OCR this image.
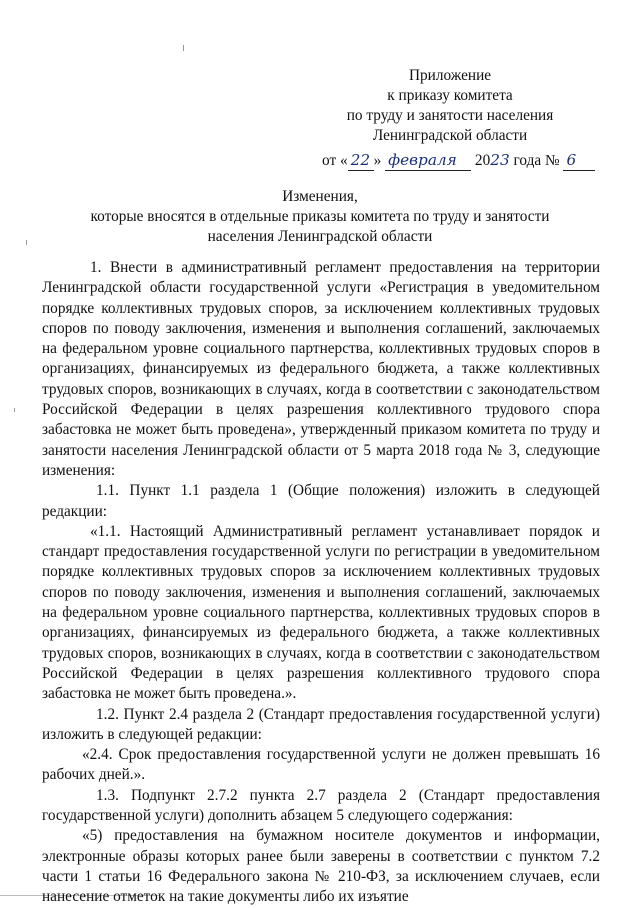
Приложение
к приказу комитета
по труду и занятости населения
Ленинградской области
от « 22 » февраля 2023 года № 6
Изменения,
которые вносятся в отдельные приказы комитета по труду и занятости
населения Ленинградской области

1. Внести в административный регламент предоставления на территории Ленинградской области государственной услуги «Регистрация в уведомительном порядке коллективных трудовых споров, за исключением коллективных трудовых споров по поводу заключения, изменения и выполнения соглашений, заключаемых на федеральном уровне социального партнерства, коллективных трудовых споров в организациях, финансируемых из федерального бюджета, а также коллективных трудовых споров, возникающих в случаях, когда в соответствии с законодательством Российской Федерации в целях разрешения коллективного трудового спора забастовка не может быть проведена», утвержденный приказом комитета по труду и занятости населения Ленинградской области от 5 марта 2018 года № 3, следующие изменения:

1.1. Пункт 1.1 раздела 1 (Общие положения) изложить в следующей редакции:

«1.1. Настоящий Административный регламент устанавливает порядок и стандарт предоставления государственной услуги по регистрации в уведомительном порядке коллективных трудовых споров за исключением коллективных трудовых споров по поводу заключения, изменения и выполнения соглашений, заключаемых на федеральном уровне социального партнерства, коллективных трудовых споров в организациях, финансируемых из федерального бюджета, а также коллективных трудовых споров, возникающих в случаях, когда в соответствии с законодательством Российской Федерации в целях разрешения коллективного трудового спора забастовка не может быть проведена.».

1.2. Пункт 2.4 раздела 2 (Стандарт предоставления государственной услуги) изложить в следующей редакции:

«2.4. Срок предоставления государственной услуги не должен превышать 16 рабочих дней.».

1.3. Подпункт 2.7.2 пункта 2.7 раздела 2 (Стандарт предоставления государственной услуги) дополнить абзацем 5 следующего содержания:

«5) предоставления на бумажном носителе документов и информации, электронные образы которых ранее были заверены в соответствии с пунктом 7.2 части 1 статьи 16 Федерального закона № 210-ФЗ, за исключением случаев, если нанесение отметок на такие документы либо их изъятие
